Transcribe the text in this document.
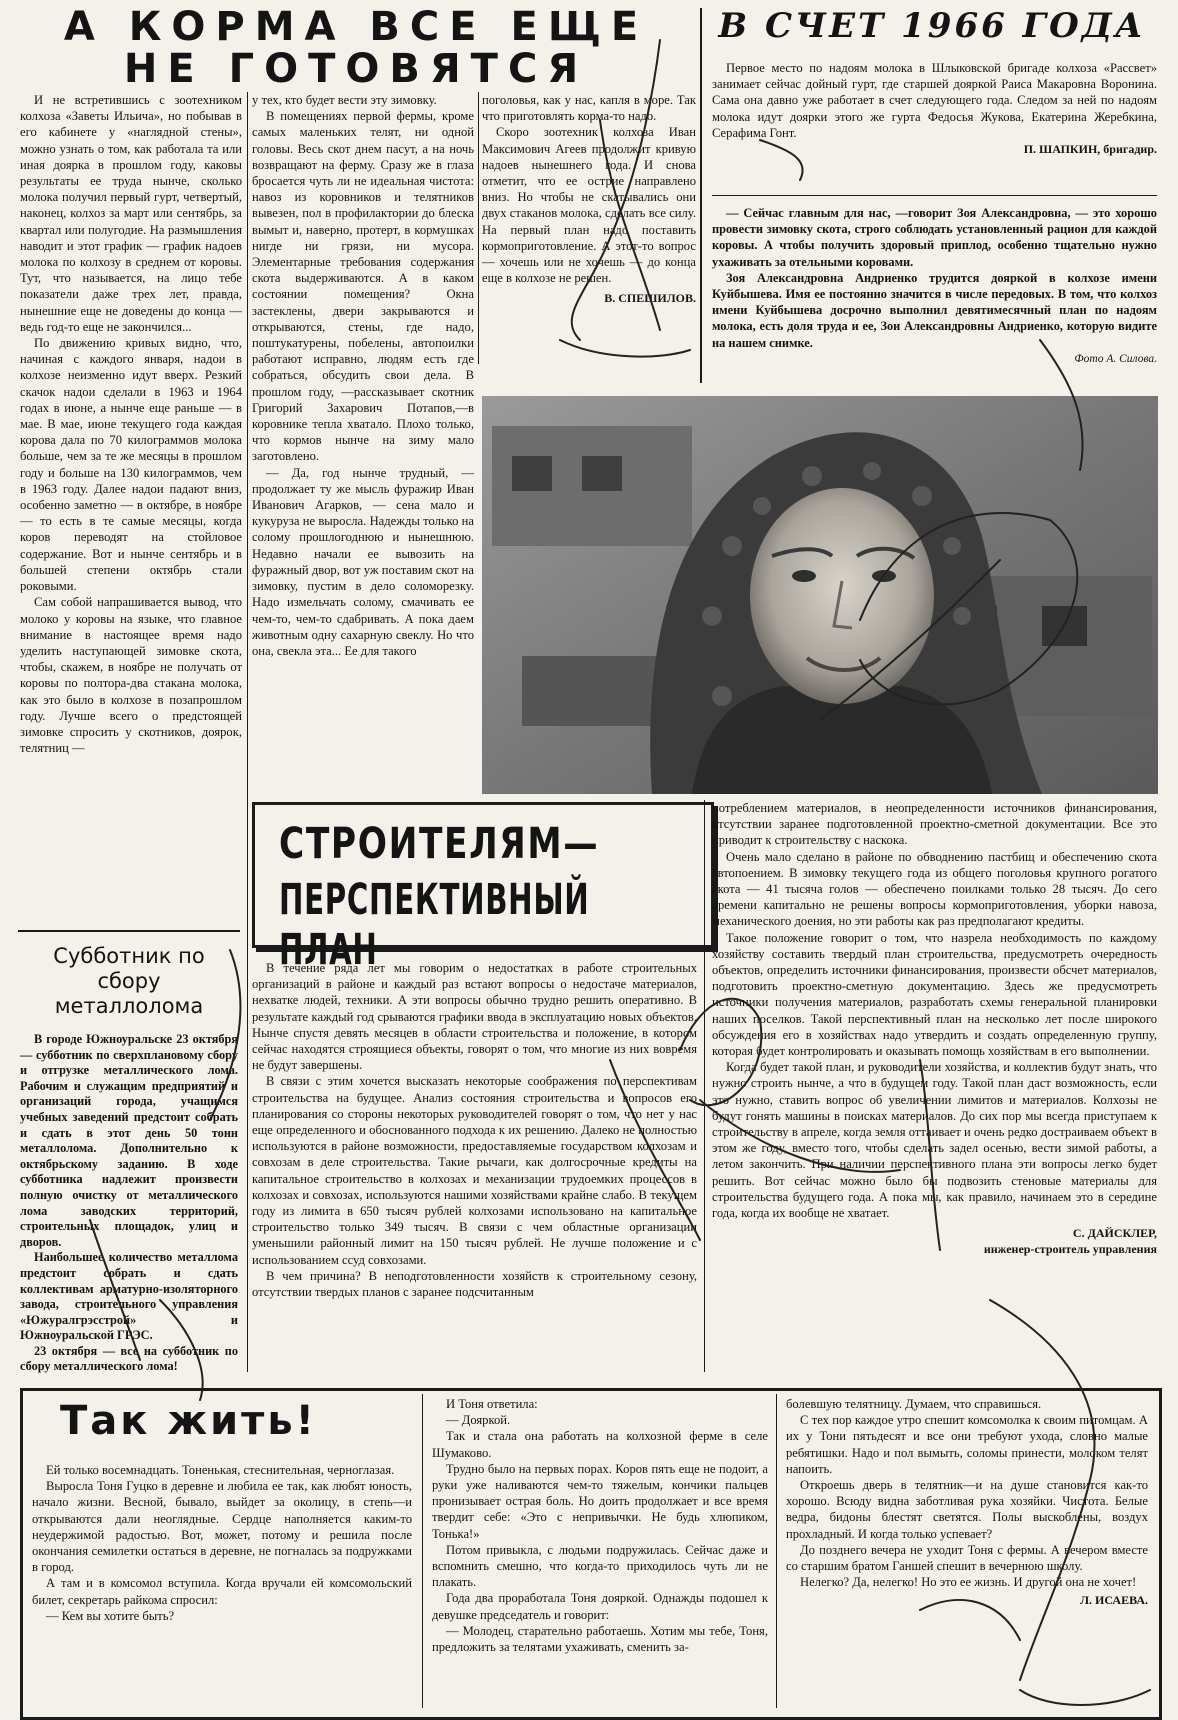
А КОРМА ВСЕ ЕЩЕ
НЕ ГОТОВЯТСЯ

И не встретившись с зоотехником колхоза «Заветы Ильича», но побывав в его кабинете у «наглядной стены», можно узнать о том, как работала та или иная доярка в прошлом году, каковы результаты ее труда нынче, сколько молока получил первый гурт, четвертый, наконец, колхоз за март или сентябрь, за квартал или полугодие. На размышления наводит и этот график — график надоев молока по колхозу в среднем от коровы. Тут, что называется, на лицо тебе показатели даже трех лет, правда, нынешние еще не доведены до конца — ведь год-то еще не закончился...

По движению кривых видно, что, начиная с каждого января, надои в колхозе неизменно идут вверх. Резкий скачок надои сделали в 1963 и 1964 годах в июне, а нынче еще раньше — в мае. В мае, июне текущего года каждая корова дала по 70 килограммов молока больше, чем за те же месяцы в прошлом году и больше на 130 килограммов, чем в 1963 году. Далее надои падают вниз, особенно заметно — в октябре, в ноябре — то есть в те самые месяцы, когда коров переводят на стойловое содержание. Вот и нынче сентябрь и в большей степени октябрь стали роковыми.

Сам собой напрашивается вывод, что молоко у коровы на языке, что главное внимание в настоящее время надо уделить наступающей зимовке скота, чтобы, скажем, в ноябре не получать от коровы по полтора-два стакана молока, как это было в колхозе в позапрошлом году. Лучше всего о предстоящей зимовке спросить у скотников, доярок, телятниц —

у тех, кто будет вести эту зимовку.

В помещениях первой фермы, кроме самых маленьких телят, ни одной головы. Весь скот днем пасут, а на ночь возвращают на ферму. Сразу же в глаза бросается чуть ли не идеальная чистота: навоз из коровников и телятников вывезен, пол в профилактории до блеска вымыт и, наверно, протерт, в кормушках нигде ни грязи, ни мусора. Элементарные требования содержания скота выдерживаются. А в каком состоянии помещения? Окна застеклены, двери закрываются и открываются, стены, где надо, поштукатурены, побелены, автопоилки работают исправно, людям есть где собраться, обсудить свои дела. В прошлом году, —рассказывает скотник Григорий Захарович Потапов,—в коровнике тепла хватало. Плохо только, что кормов нынче на зиму мало заготовлено.

— Да, год нынче трудный, — продолжает ту же мысль фуражир Иван Иванович Агарков, — сена мало и кукуруза не выросла. Надежды только на солому прошлогоднюю и нынешнюю. Недавно начали ее вывозить на фуражный двор, вот уж поставим скот на зимовку, пустим в дело соломорезку. Надо измельчать солому, смачивать ее чем-то, чем-то сдабривать. А пока даем животным одну сахарную свеклу. Но что она, свекла эта... Ее для такого

поголовья, как у нас, капля в море. Так что приготовлять корма-то надо.

Скоро зоотехник колхоза Иван Максимович Агеев продолжит кривую надоев нынешнего года. И снова отметит, что ее острие направлено вниз. Но чтобы не скатывались они двух стаканов молока, сделать все силу. На первый план надо поставить кормоприготовление. А этот-то вопрос — хочешь или не хочешь — до конца еще в колхозе не решен.

В. СПЕШИЛОВ.
В СЧЕТ 1966 ГОДА

Первое место по надоям молока в Шлыковской бригаде колхоза «Рассвет» занимает сейчас дойный гурт, где старшей дояркой Раиса Макаровна Воронина. Сама она давно уже работает в счет следующего года. Следом за ней по надоям молока идут доярки этого же гурта Федосья Жукова, Екатерина Жеребкина, Серафима Гонт.

П. ШАПКИН, бригадир.

— Сейчас главным для нас, —говорит Зоя Александровна, — это хорошо провести зимовку скота, строго соблюдать установленный рацион для каждой коровы. А чтобы получить здоровый приплод, особенно тщательно нужно ухаживать за отельными коровами.

Зоя Александровна Андриенко трудится дояркой в колхозе имени Куйбышева. Имя ее постоянно значится в числе передовых. В том, что колхоз имени Куйбышева досрочно выполнил девятимесячный план по надоям молока, есть доля труда и ее, Зои Александровны Андриенко, которую видите на нашем снимке.

Фото А. Силова.
Субботник по сбору металлолома

В городе Южноуральске 23 октября— субботник по сверхплановому сбору и отгрузке металлического лома. Рабочим и служащим предприятий и организаций города, учащимся учебных заведений предстоит собрать и сдать в этот день 50 тонн металлолома. Дополнительно к октябрьскому заданию. В ходе субботника надлежит произвести полную очистку от металлического лома заводских территорий, строительных площадок, улиц и дворов.

Наибольшее количество металлома предстоит собрать и сдать коллективам арматурно-изоляторного завода, строительного управления «Южуралгрэсстрой» и Южноуральской ГРЭС.

23 октября — все на субботник по сбору металлического лома!

СТРОИТЕЛЯМ—
ПЕРСПЕКТИВНЫЙ ПЛАН

В течение ряда лет мы говорим о недостатках в работе строительных организаций в районе и каждый раз встают вопросы о недостаче материалов, нехватке людей, техники. А эти вопросы обычно трудно решить оперативно. В результате каждый год срываются графики ввода в эксплуатацию новых объектов. Нынче спустя девять месяцев в области строительства и положение, в котором сейчас находятся строящиеся объекты, говорят о том, что многие из них вовремя не будут завершены.

В связи с этим хочется высказать некоторые соображения по перспективам строительства на будущее. Анализ состояния строительства и вопросов его планирования со стороны некоторых руководителей говорят о том, что нет у нас еще определенного и обоснованного подхода к их решению. Далеко не полностью используются в районе возможности, предоставляемые государством колхозам и совхозам в деле строительства. Такие рычаги, как долгосрочные кредиты на капитальное строительство в колхозах и механизации трудоемких процессов в колхозах и совхозах, используются нашими хозяйствами крайне слабо. В текущем году из лимита в 650 тысяч рублей колхозами использовано на капитальное строительство только 349 тысяч. В связи с чем областные организации уменьшили районный лимит на 150 тысяч рублей. Не лучше положение и с использованием ссуд совхозами.

В чем причина? В неподготовленности хозяйств к строительному сезону, отсутствии твердых планов с заранее подсчитанным

потреблением материалов, в неопределенности источников финансирования, отсутствии заранее подготовленной проектно-сметной документации. Все это приводит к строительству с наскока.

Очень мало сделано в районе по обводнению пастбищ и обеспечению скота автопоением. В зимовку текущего года из общего поголовья крупного рогатого скота — 41 тысяча голов — обеспечено поилками только 28 тысяч. До сего времени капитально не решены вопросы кормоприготовления, уборки навоза, механического доения, но эти работы как раз предполагают кредиты.

Такое положение говорит о том, что назрела необходимость по каждому хозяйству составить твердый план строительства, предусмотреть очередность объектов, определить источники финансирования, произвести обсчет материалов, подготовить проектно-сметную документацию. Здесь же предусмотреть источники получения материалов, разработать схемы генеральной планировки наших поселков. Такой перспективный план на несколько лет после широкого обсуждения его в хозяйствах надо утвердить и создать определенную группу, которая будет контролировать и оказывать помощь хозяйствам в его выполнении.

Когда будет такой план, и руководители хозяйства, и коллектив будут знать, что нужно строить нынче, а что в будущем году. Такой план даст возможность, если это нужно, ставить вопрос об увеличении лимитов и материалов. Колхозы не будут гонять машины в поисках материалов. До сих пор мы всегда приступаем к строительству в апреле, когда земля оттаивает и очень редко достраиваем объект в этом же году, вместо того, чтобы сделать задел осенью, вести зимой работы, а летом закончить. При наличии перспективного плана эти вопросы легко будет решить. Вот сейчас можно было бы подвозить стеновые материалы для строительства будущего года. А пока мы, как правило, начинаем это в середине года, когда их вообще не хватает.

С. ДАЙСКЛЕР,
инженер-строитель управления
Так жить!

Ей только восемнадцать. Тоненькая, стеснительная, черноглазая.

Выросла Тоня Гуцко в деревне и любила ее так, как любят юность, начало жизни. Весной, бывало, выйдет за околицу, в степь—и открываются дали неоглядные. Сердце наполняется каким-то неудержимой радостью. Вот, может, потому и решила после окончания семилетки остаться в деревне, не погналась за подружками в город.

А там и в комсомол вступила. Когда вручали ей комсомольский билет, секретарь райкома спросил:

— Кем вы хотите быть?

И Тоня ответила:

— Дояркой.

Так и стала она работать на колхозной ферме в селе Шумаково.

Трудно было на первых порах. Коров пять еще не подоит, а руки уже наливаются чем-то тяжелым, кончики пальцев пронизывает острая боль. Но доить продолжает и все время твердит себе: «Это с непривычки. Не будь хлюпиком, Тонька!»

Потом привыкла, с людьми подружилась. Сейчас даже и вспомнить смешно, что когда-то приходилось чуть ли не плакать.

Года два проработала Тоня дояркой. Однажды подошел к девушке председатель и говорит:

— Молодец, старательно работаешь. Хотим мы тебе, Тоня, предложить за телятами ухаживать, сменить за-

болевшую телятницу. Думаем, что справишься.

С тех пор каждое утро спешит комсомолка к своим питомцам. А их у Тони пятьдесят и все они требуют ухода, словно малые ребятишки. Надо и пол вымыть, соломы принести, молоком телят напоить.

Откроешь дверь в телятник—и на душе становится как-то хорошо. Всюду видна заботливая рука хозяйки. Чистота. Белые ведра, бидоны блестят светятся. Полы выскоблены, воздух прохладный. И когда только успевает?

До позднего вечера не уходит Тоня с фермы. А вечером вместе со старшим братом Ганшей спешит в вечернюю школу.

Нелегко? Да, нелегко! Но это ее жизнь. И другой она не хочет!

Л. ИСАЕВА.
